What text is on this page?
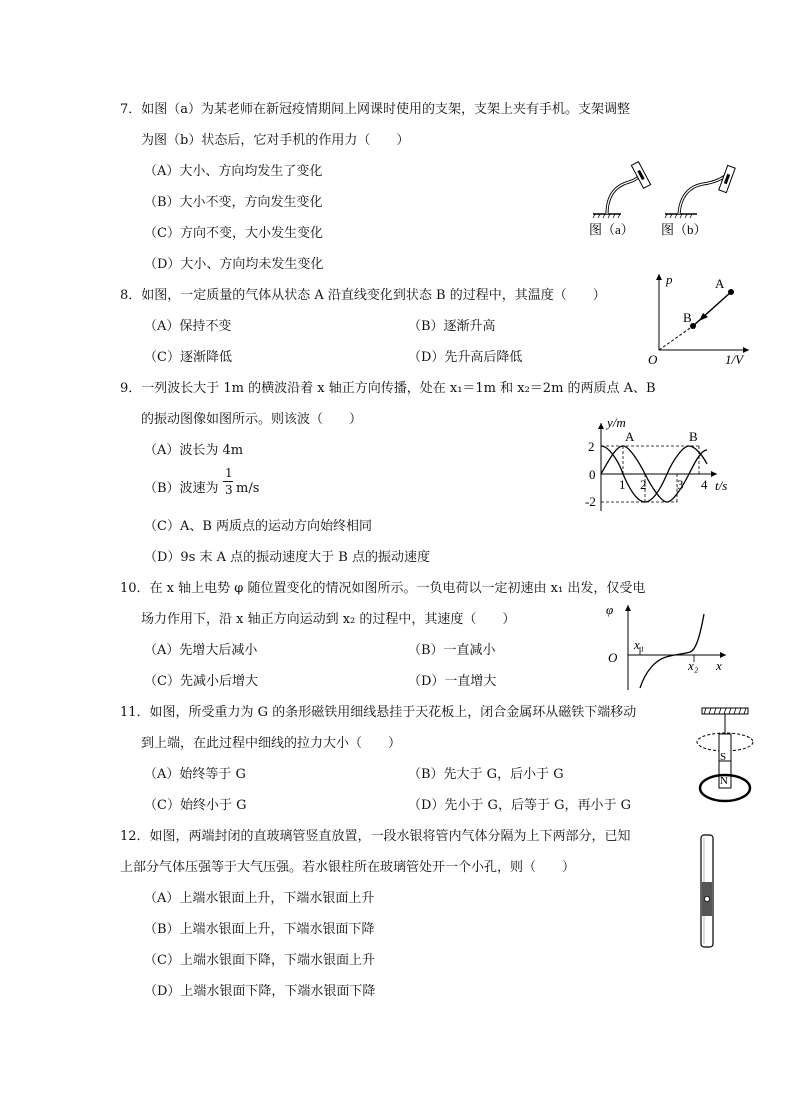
7．如图（a）为某老师在新冠疫情期间上网课时使用的支架，支架上夹有手机。支架调整
为图（b）状态后，它对手机的作用力（　　）
（A）大小、方向均发生了变化
（B）大小不变，方向发生变化
（C）方向不变，大小发生变化
（D）大小、方向均未发生变化
图（a） 图（b）
8．如图，一定质量的气体从状态 A 沿直线变化到状态 B 的过程中，其温度（　　）
（A）保持不变	（B）逐渐升高
（C）逐渐降低	（D）先升高后降低
p
1/V
O
A
B
9．一列波长大于 1m 的横波沿着 x 轴正方向传播，处在 x₁＝1m 和 x₂＝2m 的两质点 A、B
的振动图像如图所示。则该波（　　）
（A）波长为 4m
（B）波速为
1
3 m/s
（C）A、B 两质点的运动方向始终相同
（D）9s 末 A 点的振动速度大于 B 点的振动速度
y/m
t/s
0
2
-2
1 2 3 4
A	B
10．在 x 轴上电势 φ 随位置变化的情况如图所示。一负电荷以一定初速由 x₁ 出发，仅受电
场力作用下，沿 x 轴正方向运动到 x₂ 的过程中，其速度（　　）
（A）先增大后减小	（B）一直减小
（C）先减小后增大	（D）一直增大
φ
x
O
x₁
x₂
11．如图，所受重力为 G 的条形磁铁用细线悬挂于天花板上，闭合金属环从磁铁下端移动
到上端，在此过程中细线的拉力大小（　　）
（A）始终等于 G	（B）先大于 G，后小于 G
（C）始终小于 G	（D）先小于 G，后等于 G，再小于 G
S
N
12．如图，两端封闭的直玻璃管竖直放置，一段水银将管内气体分隔为上下两部分，已知
上部分气体压强等于大气压强。若水银柱所在玻璃管处开一个小孔，则（　　）
（A）上端水银面上升，下端水银面上升
（B）上端水银面上升，下端水银面下降
（C）上端水银面下降，下端水银面上升
（D）上端水银面下降，下端水银面下降
